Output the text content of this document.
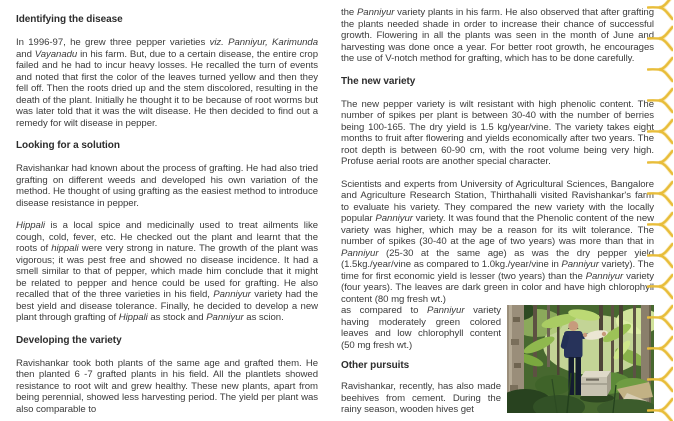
Identifying the disease

In 1996-97, he grew three pepper varieties viz. Panniyur, Karimunda and Vayanadu in his farm. But, due to a certain disease, the entire crop failed and he had to incur heavy losses. He recalled the turn of events and noted that first the color of the leaves turned yellow and then they fell off. Then the roots dried up and the stem discolored, resulting in the death of the plant. Initially he thought it to be because of root worms but was later told that it was the wilt disease. He then decided to find out a remedy for wilt disease in pepper.

Looking for a solution

Ravishankar had known about the process of grafting. He had also tried grafting on different weeds and developed his own variation of the method. He thought of using grafting as the easiest method to introduce disease resistance in pepper.

Hippali is a local spice and medicinally used to treat ailments like cough, cold, fever, etc. He checked out the plant and learnt that the roots of hippali were very strong in nature. The growth of the plant was vigorous; it was pest free and showed no disease incidence. It had a smell similar to that of pepper, which made him conclude that it might be related to pepper and hence could be used for grafting. He also recalled that of the three varieties in his field, Panniyur variety had the best yield and disease tolerance. Finally, he decided to develop a new plant through grafting of Hippali as stock and Panniyur as scion.

Developing the variety

Ravishankar took both plants of the same age and grafted them. He then planted 6 -7 grafted plants in his field. All the plantlets showed resistance to root wilt and grew healthy. These new plants, apart from being perennial, showed less harvesting period. The yield per plant was also comparable to

the Panniyur variety plants in his farm. He also observed that after grafting the plants needed shade in order to increase their chance of successful growth. Flowering in all the plants was seen in the month of June and harvesting was done once a year. For better root growth, he encourages the use of V-notch method for grafting, which has to be done carefully.

The new variety

The new pepper variety is wilt resistant with high phenolic content. The number of spikes per plant is between 30-40 with the number of berries being 100-165. The dry yield is 1.5 kg/year/vine. The variety takes eight months to fruit after flowering and yields economically after two years. The root depth is between 60-90 cm, with the root volume being very high. Profuse aerial roots are another special character.

Scientists and experts from University of Agricultural Sciences, Bangalore and Agriculture Research Station, Thirthahalli visited Ravishankar's farm to evaluate his variety. They compared the new variety with the locally popular Panniyur variety. It was found that the Phenolic content of the new variety was higher, which may be a reason for its wilt tolerance. The number of spikes (30-40 at the age of two years) was more than that in Panniyur (25-30 at the same age) as was the dry pepper yield (1.5kg./year/vine as compared to 1.0kg./year/vine in Panniyur variety). The time for first economic yield is lesser (two years) than the Panniyur variety (four years). The leaves are dark green in color and have high chlorophyll content (80 mg fresh wt.)

as compared to Panniyur variety having moderately green colored leaves and low chlorophyll content (50 mg fresh wt.)

Other pursuits

Ravishankar, recently, has also made beehives from cement. During the rainy season, wooden hives get
